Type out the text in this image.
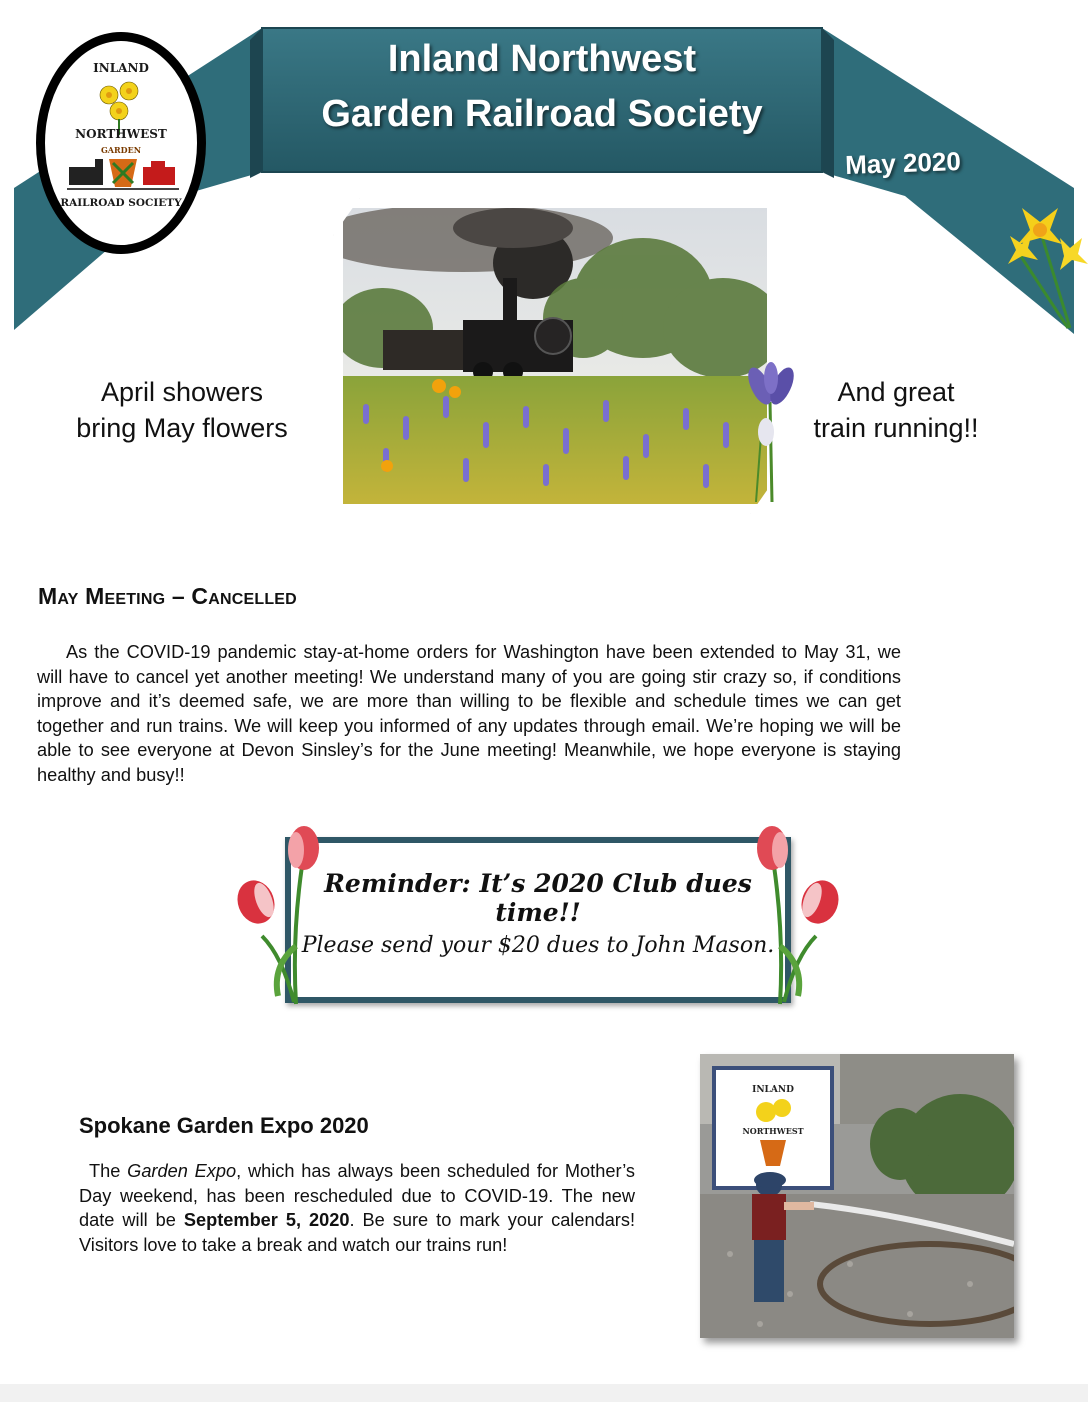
Inland Northwest
Garden Railroad Society
May 2020
INLAND
NORTHWEST
GARDEN
RAILROAD SOCIETY
April showers
bring May flowers
And great
train running!!
May Meeting – Cancelled
As the COVID-19 pandemic stay-at-home orders for Washington have been extended to May 31, we will have to cancel yet another meeting! We understand many of you are going stir crazy so, if conditions improve and it’s deemed safe, we are more than willing to be flexible and schedule times we can get together and run trains. We will keep you informed of any updates through email. We’re hoping we will be able to see everyone at Devon Sinsley’s for the June meeting! Meanwhile, we hope everyone is staying healthy and busy!!
Reminder: It’s 2020 Club dues time!!
Please send your $20 dues to John Mason.
Spokane Garden Expo 2020
The Garden Expo, which has always been scheduled for Mother’s Day weekend, has been rescheduled due to COVID-19. The new date will be September 5, 2020. Be sure to mark your calendars! Visitors love to take a break and watch our trains run!
INLAND
NORTHWEST
